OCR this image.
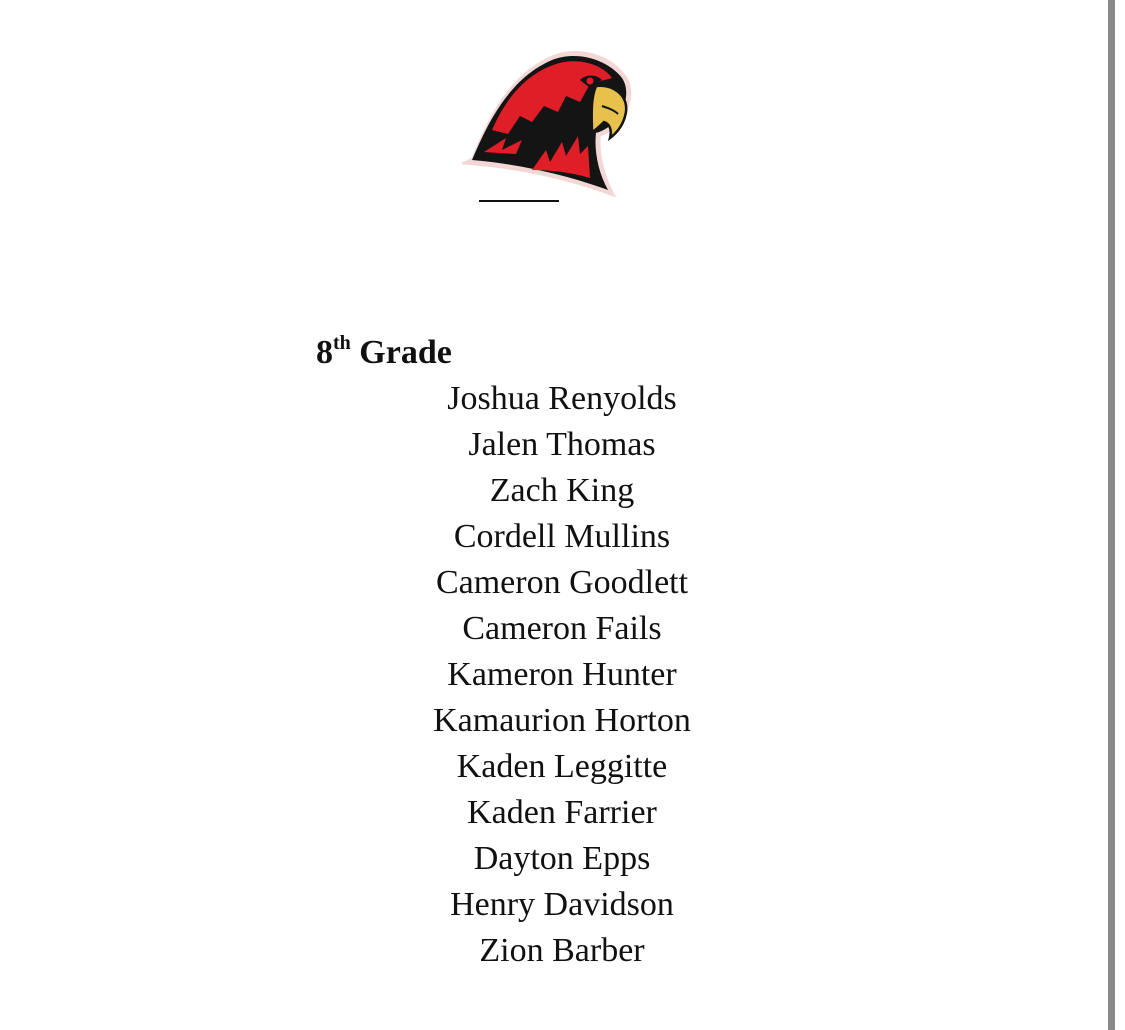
8th Grade
Joshua Renyolds
Jalen Thomas
Zach King
Cordell Mullins
Cameron Goodlett
Cameron Fails
Kameron Hunter
Kamaurion Horton
Kaden Leggitte
Kaden Farrier
Dayton Epps
Henry Davidson
Zion Barber
